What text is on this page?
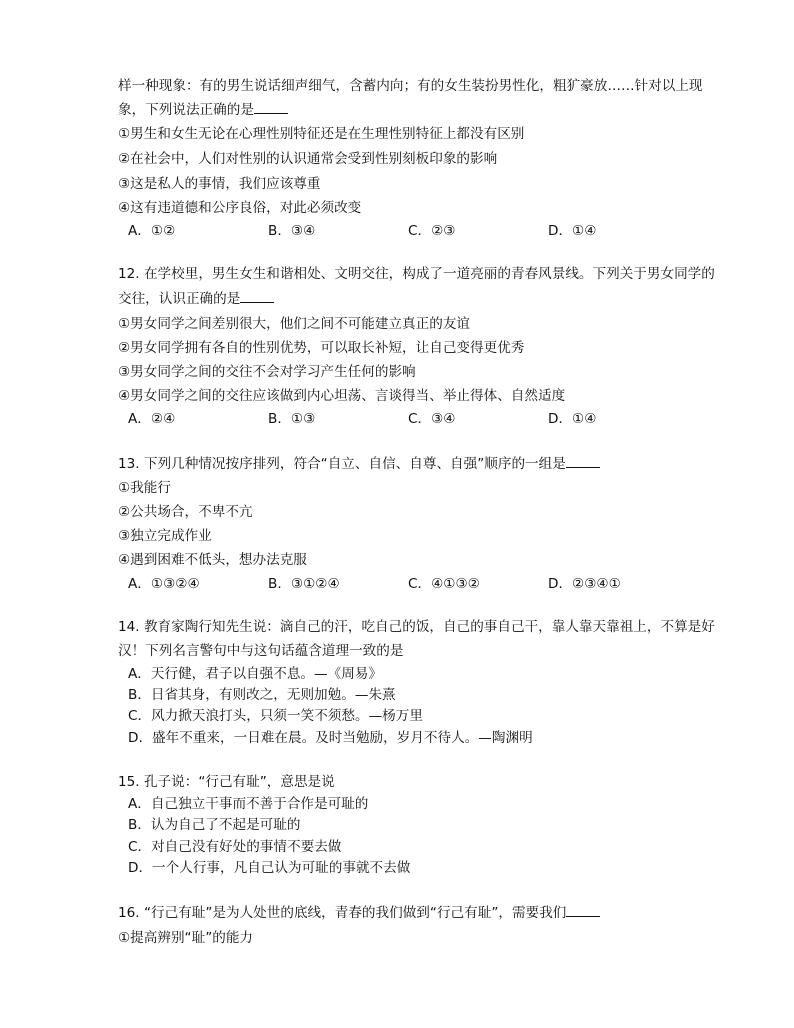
样一种现象：有的男生说话细声细气，含蓄内向；有的女生装扮男性化，粗犷豪放……针对以上现
象，下列说法正确的是
①男生和女生无论在心理性别特征还是在生理性别特征上都没有区别
②在社会中，人们对性别的认识通常会受到性别刻板印象的影响
③这是私人的事情，我们应该尊重
④这有违道德和公序良俗，对此必须改变
A．①②	B．③④	C．②③	D．①④
12. 在学校里，男生女生和谐相处、文明交往，构成了一道亮丽的青春风景线。下列关于男女同学的
交往，认识正确的是
①男女同学之间差别很大，他们之间不可能建立真正的友谊
②男女同学拥有各自的性别优势，可以取长补短，让自己变得更优秀
③男女同学之间的交往不会对学习产生任何的影响
④男女同学之间的交往应该做到内心坦荡、言谈得当、举止得体、自然适度
A．②④	B．①③	C．③④	D．①④
13. 下列几种情况按序排列，符合“自立、自信、自尊、自强”顺序的一组是
①我能行
②公共场合，不卑不亢
③独立完成作业
④遇到困难不低头，想办法克服
A．①③②④	B．③①②④	C．④①③②	D．②③④①
14. 教育家陶行知先生说：滴自己的汗，吃自己的饭，自己的事自己干，靠人靠天靠祖上，不算是好
汉！下列名言警句中与这句话蕴含道理一致的是
A．天行健，君子以自强不息。—《周易》
B．日省其身，有则改之，无则加勉。—朱熹
C．风力掀天浪打头，只须一笑不须愁。—杨万里
D．盛年不重来，一日难在晨。及时当勉励，岁月不待人。—陶渊明
15. 孔子说：“行己有耻”，意思是说
A．自己独立干事而不善于合作是可耻的
B．认为自己了不起是可耻的
C．对自己没有好处的事情不要去做
D．一个人行事，凡自己认为可耻的事就不去做
16. “行己有耻”是为人处世的底线，青春的我们做到“行己有耻”，需要我们
①提高辨别“耻”的能力
